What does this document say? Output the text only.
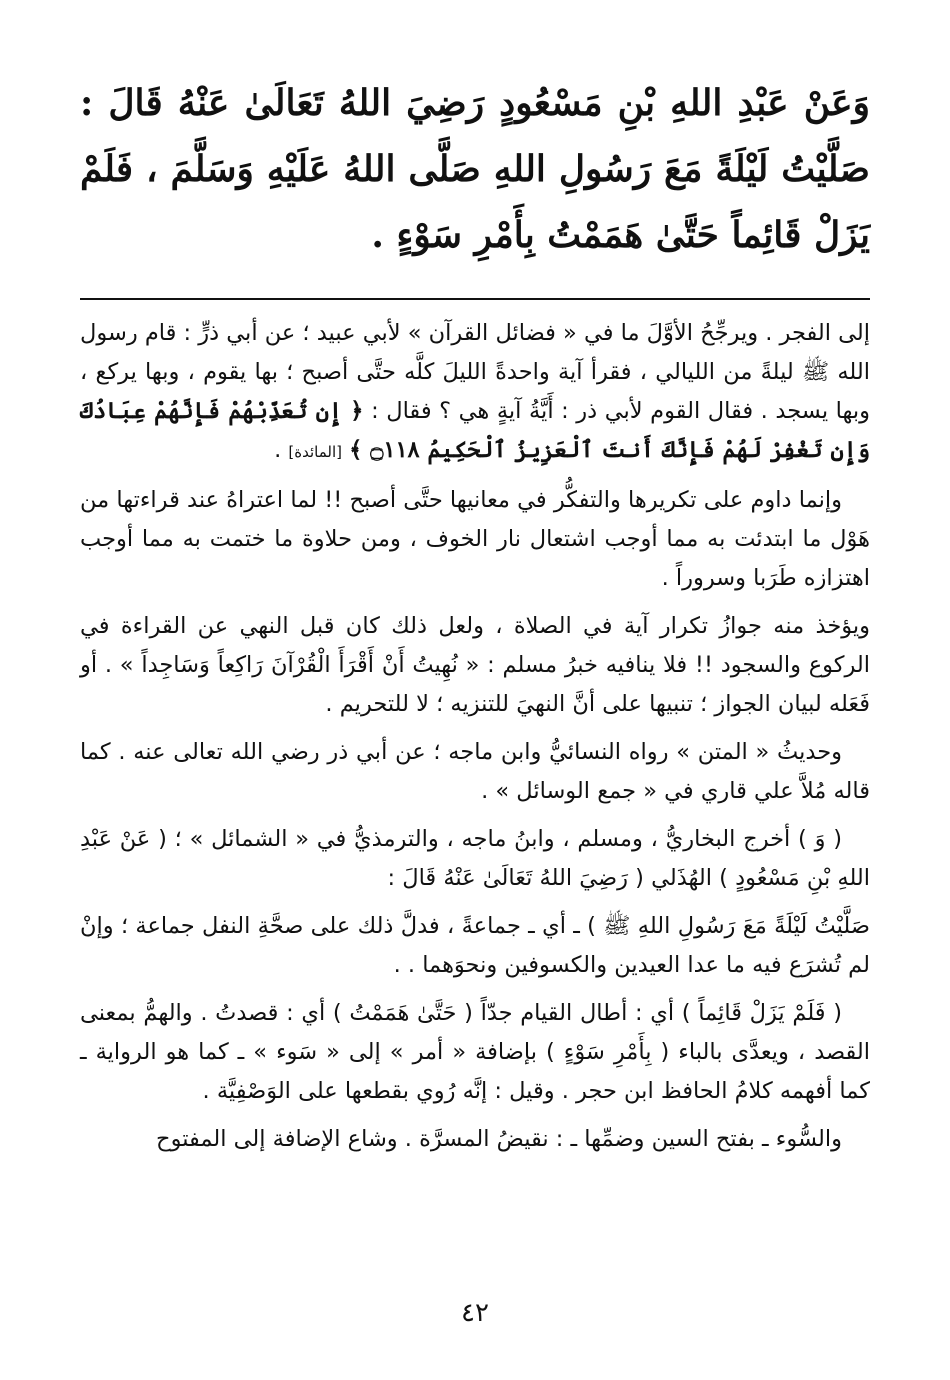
وَعَنْ عَبْدِ اللهِ بْنِ مَسْعُودٍ رَضِيَ اللهُ تَعَالَىٰ عَنْهُ قَالَ : صَلَّيْتُ لَيْلَةً مَعَ رَسُولِ اللهِ صَلَّى اللهُ عَلَيْهِ وَسَلَّمَ ، فَلَمْ يَزَلْ قَائِماً حَتَّىٰ هَمَمْتُ بِأَمْرِ سَوْءٍ .

إلى الفجر . ويرجِّحُ الأوَّلَ ما في « فضائل القرآن » لأبي عبيد ؛ عن أبي ذرٍّ : قام رسول الله ﷺ ليلةً من الليالي ، فقرأ آية واحدةً الليلَ كلَّه حتَّى أصبح ؛ بها يقوم ، وبها يركع ، وبها يسجد . فقال القوم لأبي ذر : أَيَّةُ آيةٍ هي ؟ فقال : ﴿ إِن تُعَذِّبْهُمْ فَإِنَّهُمْ عِبَادُكَ وَإِن تَغْفِرْ لَهُمْ فَإِنَّكَ أَنتَ ٱلْعَزِيزُ ٱلْحَكِيمُ ۝١١٨ ﴾ [المائدة] .

وإنما داوم على تكريرها والتفكُّر في معانيها حتَّى أصبح !! لما اعتراهُ عند قراءتها من هَوْل ما ابتدئت به مما أوجب اشتعال نار الخوف ، ومن حلاوة ما ختمت به مما أوجب اهتزازه طَرَبا وسروراً .

ويؤخذ منه جوازُ تكرار آية في الصلاة ، ولعل ذلك كان قبل النهي عن القراءة في الركوع والسجود !! فلا ينافيه خبرُ مسلم : « نُهِيتُ أَنْ أَقْرَأَ الْقُرْآنَ رَاكِعاً وَسَاجِداً » . أو فَعَله لبيان الجواز ؛ تنبيها على أنَّ النهيَ للتنزيه ؛ لا للتحريم .

وحديثُ « المتن » رواه النسائيُّ وابن ماجه ؛ عن أبي ذر رضي الله تعالى عنه . كما قاله مُلاَّ علي قاري في « جمع الوسائل » .

( وَ ) أخرج البخاريُّ ، ومسلم ، وابنُ ماجه ، والترمذيُّ في « الشمائل » ؛ ( عَنْ عَبْدِ اللهِ بْنِ مَسْعُودٍ ) الهُذَلي ( رَضِيَ اللهُ تَعَالَىٰ عَنْهُ قَالَ :

صَلَّيْتُ لَيْلَةً مَعَ رَسُولِ اللهِ ﷺ ) ـ أي ـ جماعةً ، فدلَّ ذلك على صحَّةِ النفل جماعة ؛ وإنْ لم تُشرَع فيه ما عدا العيدين والكسوفين ونحوَهما . .

( فَلَمْ يَزَلْ قَائِماً ) أي : أطال القيام جدّاً ( حَتَّىٰ هَمَمْتُ ) أي : قصدتُ . والهمُّ بمعنى القصد ، ويعدَّى بالباء ( بِأَمْرِ سَوْءٍ ) بإضافة « أمر » إلى « سَوء » ـ كما هو الرواية ـ كما أفهمه كلامُ الحافظ ابن حجر . وقيل : إنَّه رُوي بقطعها على الوَصْفِيَّة .

والسُّوء ـ بفتح السين وضمِّها ـ : نقيضُ المسرَّة . وشاع الإضافة إلى المفتوح

٤٢
